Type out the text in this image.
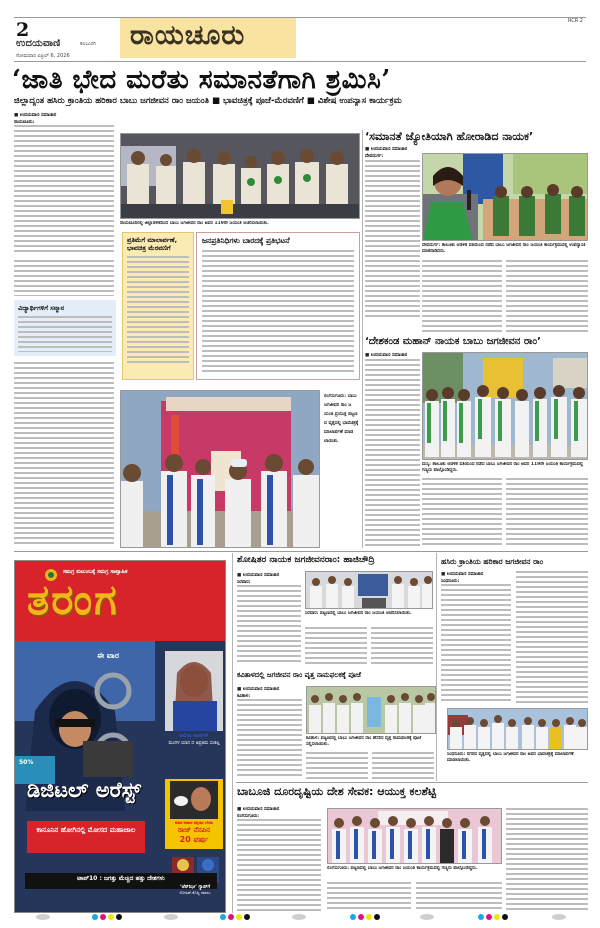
2
ಉದಯವಾಣಿ	ಕಲಬುರಗಿ
ಸೋಮವಾರ ಏಪ್ರಿಲ್ 6, 2026
ರಾಯಚೂರು	RCR 2
‘ಜಾತಿ ಭೇದ ಮರೆತು ಸಮಾನತೆಗಾಗಿ ಶ್ರಮಿಸಿ’
ಜಿಲ್ಲಾದ್ಯಂತ ಹಸಿರು ಕ್ರಾಂತಿಯ ಹರಿಕಾರ ಬಾಬು ಜಗಜೀವನ ರಾಂ ಜಯಂತಿ ■ ಭಾವಚಿತ್ರಕ್ಕೆ ಪೂಜೆ-ಮೆರವಣಿಗೆ ■ ವಿಶೇಷ ಉಪನ್ಯಾಸ ಕಾರ್ಯಕ್ರಮ
■ ಉದಯವಾಣಿ ಸಮಾಚಾರ
ರಾಯಚೂರು:
ರಾಯಚೂರಿನಲ್ಲಿ ಜಿಲ್ಲಾಡಳಿತದಿಂದ ಬಾಬು ಜಗಜೀವನ ರಾಂ ಅವರ 119ನೇ ಜಯಂತಿ ಆಚರಿಸಲಾಯಿತು.
ಪ್ರತಿಮೆಗೆ ಮಾಲಾರ್ಪಣೆ, ಭಾವಚಿತ್ರ ಮೆರವಣಿಗೆ
ಜನಪ್ರತಿನಿಧಿಗಳು ಬಾರದಕ್ಕೆ ಪ್ರತಿಭಟನೆ
ವಿದ್ಯಾರ್ಥಿಗಳಿಗೆ ಸನ್ಮಾನ
ಲಿಂಗಸುಗೂರು: ಬಾಬು ಜಗಜೀವನ ರಾಂ ಜಯಂತಿ ಪ್ರಯುಕ್ತ ಪಟ್ಟಣದ ವೃತ್ತದಲ್ಲಿ ಭಾವಚಿತ್ರಕ್ಕೆ ಮಾಲಾರ್ಪಣೆ ಮಾಡಲಾಯಿತು.
‘ಸಮಾನತೆ ಜ್ಯೋತಿಯಾಗಿ ಹೋರಾಡಿದ ನಾಯಕ’
■ ಉದಯವಾಣಿ ಸಮಾಚಾರ
ದೇವದುರ್ಗ:
ದೇವದುರ್ಗ: ತಾಲೂಕು ಆಡಳಿತ ವತಿಯಿಂದ ನಡೆದ ಬಾಬು ಜಗಜೀವನ ರಾಂ ಜಯಂತಿ ಕಾರ್ಯಕ್ರಮದಲ್ಲಿ ಉಪನ್ಯಾಸಕಿ ಮಾತನಾಡಿದರು.
‘ದೇಶಕಂಡ ಮಹಾನ್ ನಾಯಕ ಬಾಬು ಜಗಜೀವನ ರಾಂ’
■ ಉದಯವಾಣಿ ಸಮಾಚಾರ
ಮಸ್ಕಿ: ತಾಲೂಕು ಆಡಳಿತ ವತಿಯಿಂದ ನಡೆದ ಬಾಬು ಜಗಜೀವನ ರಾಂ ಅವರ 119ನೇ ಜಯಂತಿ ಕಾರ್ಯಕ್ರಮದಲ್ಲಿ ಗಣ್ಯರು ಪಾಲ್ಗೊಂಡಿದ್ದರು.
ಸಮಗ್ರ ಕುಟುಂಬಕ್ಕೆ ಸಮಗ್ರ ಸಾಪ್ತಾಹಿಕ
ತರಂಗ
ಈ ವಾರ
50%
ಡಿಜಿಟಲ್ ಅರೆಸ್ಟ್
ಕಾನೂನಿನ ಹೋಗಿನಲ್ಲಿ ಮೋಸದ ಮಹಾಜಾಲ
ಅಲಿಸಾ ಕಾರ್ಸನ್
ಮಂಗಳ ಯಾನ ದ ಅಪ್ರತಿಮ ಸಂಕಲ್ಪ
ಅಜರ-ಅಮರ ಕನ್ನಡದ ಬೆಳಕು
ರಾಜ್ ನೆನಪಿನ
20 ವರ್ಷ
‘ಜೆನ್‌ಝೀ’ ಗ್ಯಾಪ್‌ಗೆ
ರೋಹಿತ್-ಕೊಹ್ಲಿ ಸವಾಲು
ಟಾಪ್10 : ಜಗತ್ತು ಮೆಚ್ಚಿದ ಹತ್ತು ದೇಶಗಳು
ಶೋಷಿತರ ನಾಯಕ ಜಗಜೀವನರಾಂ: ಹಾಜಿಚೌದ್ರಿ
■ ಉದಯವಾಣಿ ಸಮಾಚಾರ
ಸಿರವಾರ:
ಸಿರವಾರ: ಪಟ್ಟಣದಲ್ಲಿ ಬಾಬು ಜಗಜೀವನ ರಾಂ ಜಯಂತಿ ಆಚರಿಸಲಾಯಿತು.
ಹಸಿರು ಕ್ರಾಂತಿಯ ಹರಿಕಾರ ಜಗಜೀವನ ರಾಂ
■ ಉದಯವಾಣಿ ಸಮಾಚಾರ
ಸಿಂಧನೂರು:
ಸಿಂಧನೂರು: ನಗರದ ವೃತ್ತದಲ್ಲಿ ಬಾಬು ಜಗಜೀವನ ರಾಂ ಅವರ ಭಾವಚಿತ್ರಕ್ಕೆ ಮಾಲಾರ್ಪಣೆ ಮಾಡಲಾಯಿತು.
ಕವಿತಾಳದಲ್ಲಿ ಜಗಜೀವನ ರಾಂ ವೃತ್ತ ನಾಮಫಲಕಕ್ಕೆ ಪೂಜೆ
■ ಉದಯವಾಣಿ ಸಮಾಚಾರ
ಕವಿತಾಳ:
ಕವಿತಾಳ: ಪಟ್ಟಣದಲ್ಲಿ ಬಾಬು ಜಗಜೀವನ ರಾಂ ಹೆಸರಿನ ವೃತ್ತ ನಾಮಫಲಕಕ್ಕೆ ಪೂಜೆ ಸಲ್ಲಿಸಲಾಯಿತು.
ಬಾಬೂಜಿ ದೂರದೃಷ್ಟಿಯ ದೇಶ ಸೇವಕ: ಆಯುಕ್ತ ಕಲಶೆಟ್ಟಿ
■ ಉದಯವಾಣಿ ಸಮಾಚಾರ
ಲಿಂಗಸುಗೂರು:
ಲಿಂಗಸುಗೂರು: ಪಟ್ಟಣದಲ್ಲಿ ಬಾಬು ಜಗಜೀವನ ರಾಂ ಜಯಂತಿ ಕಾರ್ಯಕ್ರಮದಲ್ಲಿ ಗಣ್ಯರು ಪಾಲ್ಗೊಂಡಿದ್ದರು.
